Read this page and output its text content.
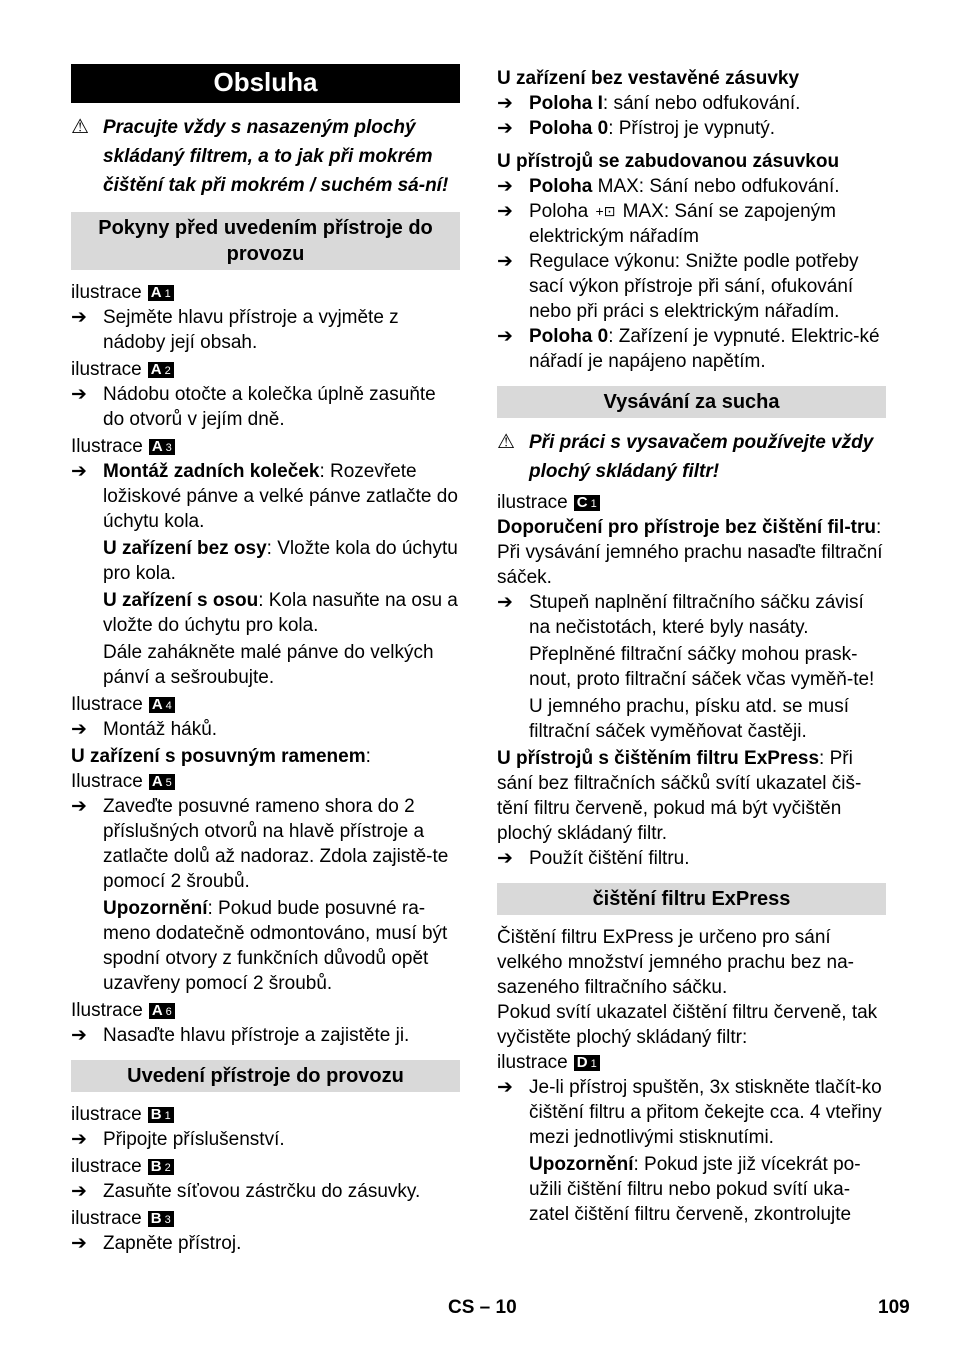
Obsluha
⚠ Pracujte vždy s nasazeným plochý skládaný filtrem, a to jak při mokrém čištění tak při mokrém / suchém sá-ní!
Pokyny před uvedením přístroje do provozu
ilustrace A 1
➔ Sejměte hlavu přístroje a vyjměte z nádoby její obsah.
ilustrace A 2
➔ Nádobu otočte a kolečka úplně zasuňte do otvorů v jejím dně.
Ilustrace A 3
➔ Montáž zadních koleček: Rozevřete ložiskové pánve a velké pánve zatlačte do úchytu kola.
U zařízení bez osy: Vložte kola do úchytu pro kola.
U zařízení s osou: Kola nasuňte na osu a vložte do úchytu pro kola.
Dále zahákněte malé pánve do velkých pánví a sešroubujte.
Ilustrace A 4
➔ Montáž háků.
U zařízení s posuvným ramenem:
Ilustrace A 5
➔ Zaveďte posuvné rameno shora do 2 příslušných otvorů na hlavě přístroje a zatlačte dolů až nadoraz. Zdola zajistě-te pomocí 2 šroubů.
Upozornění: Pokud bude posuvné ra-meno dodatečně odmontováno, musí být spodní otvory z funkčních důvodů opět uzavřeny pomocí 2 šroubů.
Ilustrace A 6
➔ Nasaďte hlavu přístroje a zajistěte ji.
Uvedení přístroje do provozu
ilustrace B 1
➔ Připojte příslušenství.
ilustrace B 2
➔ Zasuňte síťovou zástrčku do zásuvky.
ilustrace B 3
➔ Zapněte přístroj.
U zařízení bez vestavěné zásuvky
➔ Poloha I: sání nebo odfukování.
➔ Poloha 0: Přístroj je vypnutý.
U přístrojů se zabudovanou zásuvkou
➔ Poloha MAX: Sání nebo odfukování.
➔ Poloha +⊡ MAX: Sání se zapojeným elektrickým nářadím
➔ Regulace výkonu: Snižte podle potřeby sací výkon přístroje při sání, ofukování nebo při práci s elektrickým nářadím.
➔ Poloha 0: Zařízení je vypnuté. Elektric-ké nářadí je napájeno napětím.
Vysávání za sucha
⚠ Při práci s vysavačem používejte vždy plochý skládaný filtr!
ilustrace C 1
Doporučení pro přístroje bez čištění fil-tru: Při vysávání jemného prachu nasaďte filtrační sáček.
➔ Stupeň naplnění filtračního sáčku závisí na nečistotách, které byly nasáty.
Přeplněné filtrační sáčky mohou prask-nout, proto filtrační sáček včas vyměň-te!
U jemného prachu, písku atd. se musí filtrační sáček vyměňovat častěji.
U přístrojů s čištěním filtru ExPress: Při sání bez filtračních sáčků svítí ukazatel čiš-tění filtru červeně, pokud má být vyčištěn plochý skládaný filtr.
➔ Použít čištění filtru.
čištění filtru ExPress
Čištění filtru ExPress je určeno pro sání velkého množství jemného prachu bez na-sazeného filtračního sáčku.
Pokud svítí ukazatel čištění filtru červeně, tak vyčistěte plochý skládaný filtr:
ilustrace D 1
➔ Je-li přístroj spuštěn, 3x stiskněte tlačít-ko čištění filtru a přitom čekejte cca. 4 vteřiny mezi jednotlivými stisknutími.
Upozornění: Pokud jste již vícekrát po-užili čištění filtru nebo pokud svítí uka-zatel čištění filtru červeně, zkontrolujte
CS – 10	109
